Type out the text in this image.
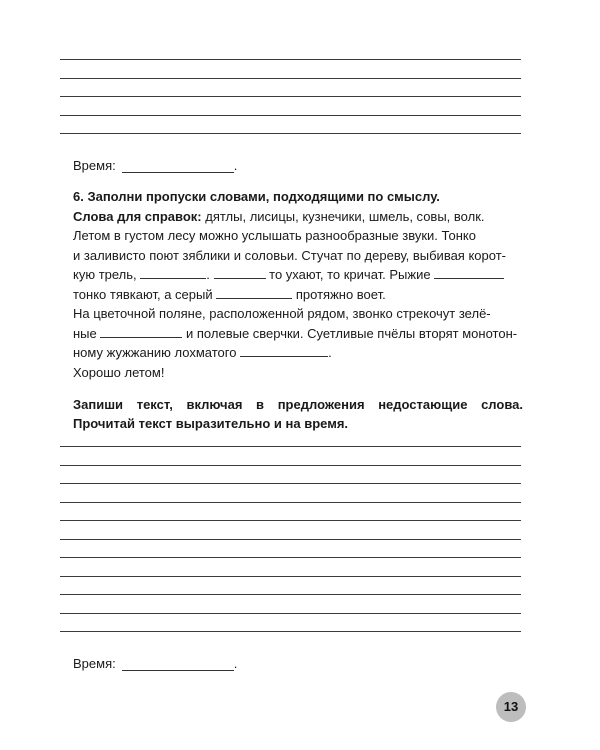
Время:	.

6. Заполни пропуски словами, подходящими по смыслу.

Слова для справок: дятлы, лисицы, кузнечики, шмель, совы, волк.

Летом в густом лесу можно услышать разнообразные звуки. Тонко

и заливисто поют зяблики и соловьи. Стучат по дереву, выбивая корот-

кую трель,	.	то ухают, то кричат. Рыжие

тонко тявкают, а серый	протяжно воет.

На цветочной поляне, расположенной рядом, звонко стрекочут зелё-

ные	и полевые сверчки. Суетливые пчёлы вторят монотон-

ному жужжанию лохматого	.

Хорошо летом!

Запиши текст, включая в предложения недостающие слова. Прочитай текст выразительно и на время.
Время:	.
13
